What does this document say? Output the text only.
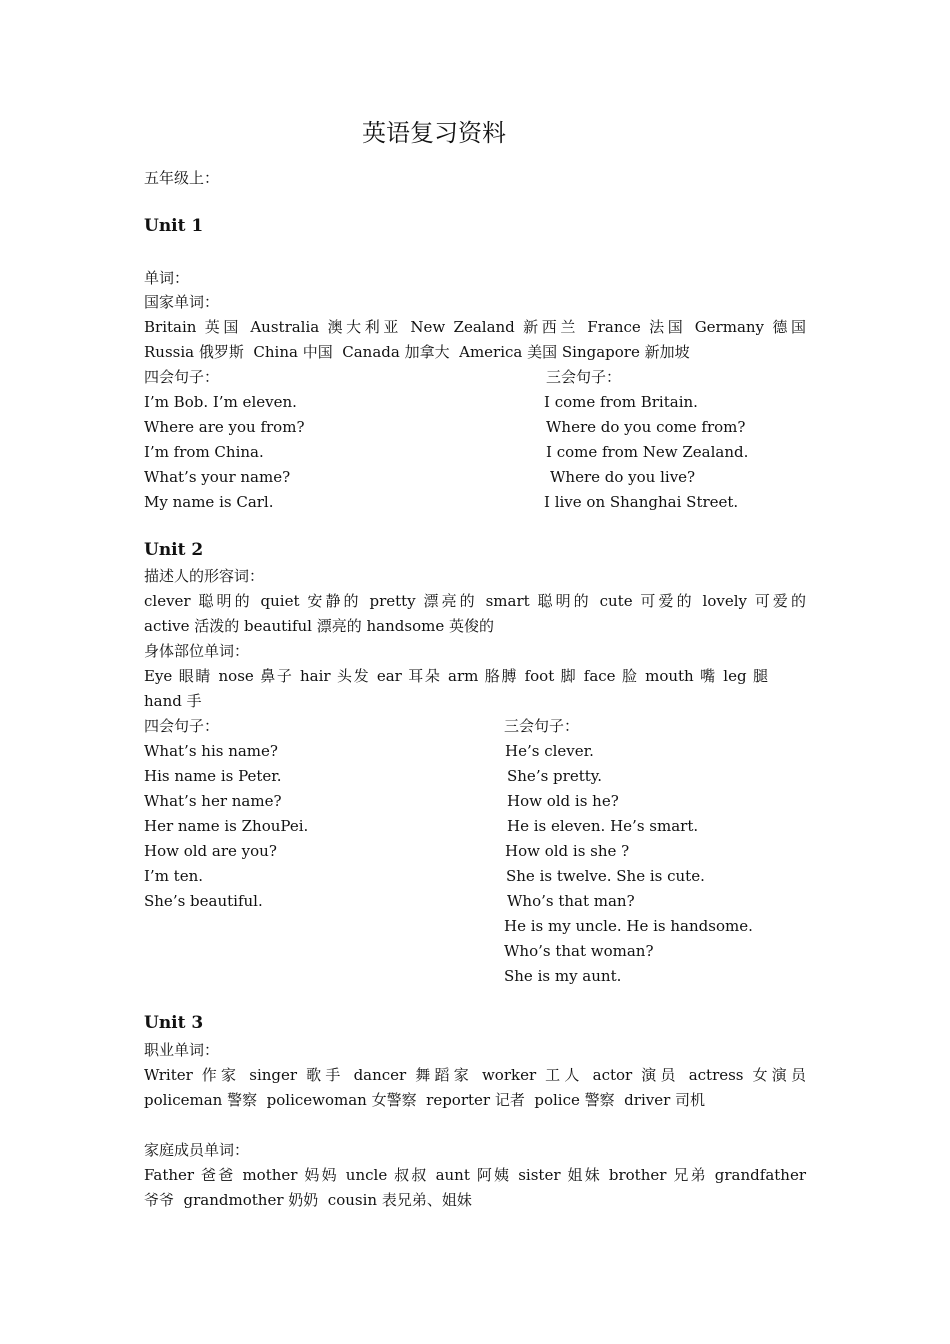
英语复习资料
五年级上：
Unit 1
单词：
国家单词：
Britain 英国 Australia 澳大利亚 New Zealand 新西兰 France 法国 Germany 德国
Russia 俄罗斯  China 中国  Canada 加拿大  America 美国 Singapore 新加坡
四会句子：	三会句子：
I’m Bob. I’m eleven.
Where are you from?
I’m from China.
What’s your name?
My name is Carl.
I come from Britain.
Where do you come from?
I come from New Zealand.
Where do you live?
I live on Shanghai Street.
Unit 2
描述人的形容词：
clever 聪明的 quiet 安静的 pretty 漂亮的 smart 聪明的 cute 可爱的 lovely 可爱的
active 活泼的 beautiful 漂亮的 handsome 英俊的
身体部位单词：
Eye 眼睛 nose 鼻子 hair 头发 ear 耳朵 arm 胳膊 foot 脚 face 脸 mouth 嘴 leg 腿
hand 手
四会句子：	三会句子：
What’s his name?
His name is Peter.
What’s her name?
Her name is ZhouPei.
How old are you?
I’m ten.
She’s beautiful.
He’s clever.
She’s pretty.
How old is he?
He is eleven. He’s smart.
How old is she ?
She is twelve. She is cute.
Who’s that man?
He is my uncle. He is handsome.
Who’s that woman?
She is my aunt.
Unit 3
职业单词：
Writer 作家 singer 歌手 dancer 舞蹈家 worker 工人 actor 演员 actress 女演员
policeman 警察  policewoman 女警察  reporter 记者  police 警察  driver 司机
家庭成员单词：
Father 爸爸 mother 妈妈 uncle 叔叔 aunt 阿姨 sister 姐妹 brother 兄弟 grandfather
爷爷  grandmother 奶奶  cousin 表兄弟、姐妹
